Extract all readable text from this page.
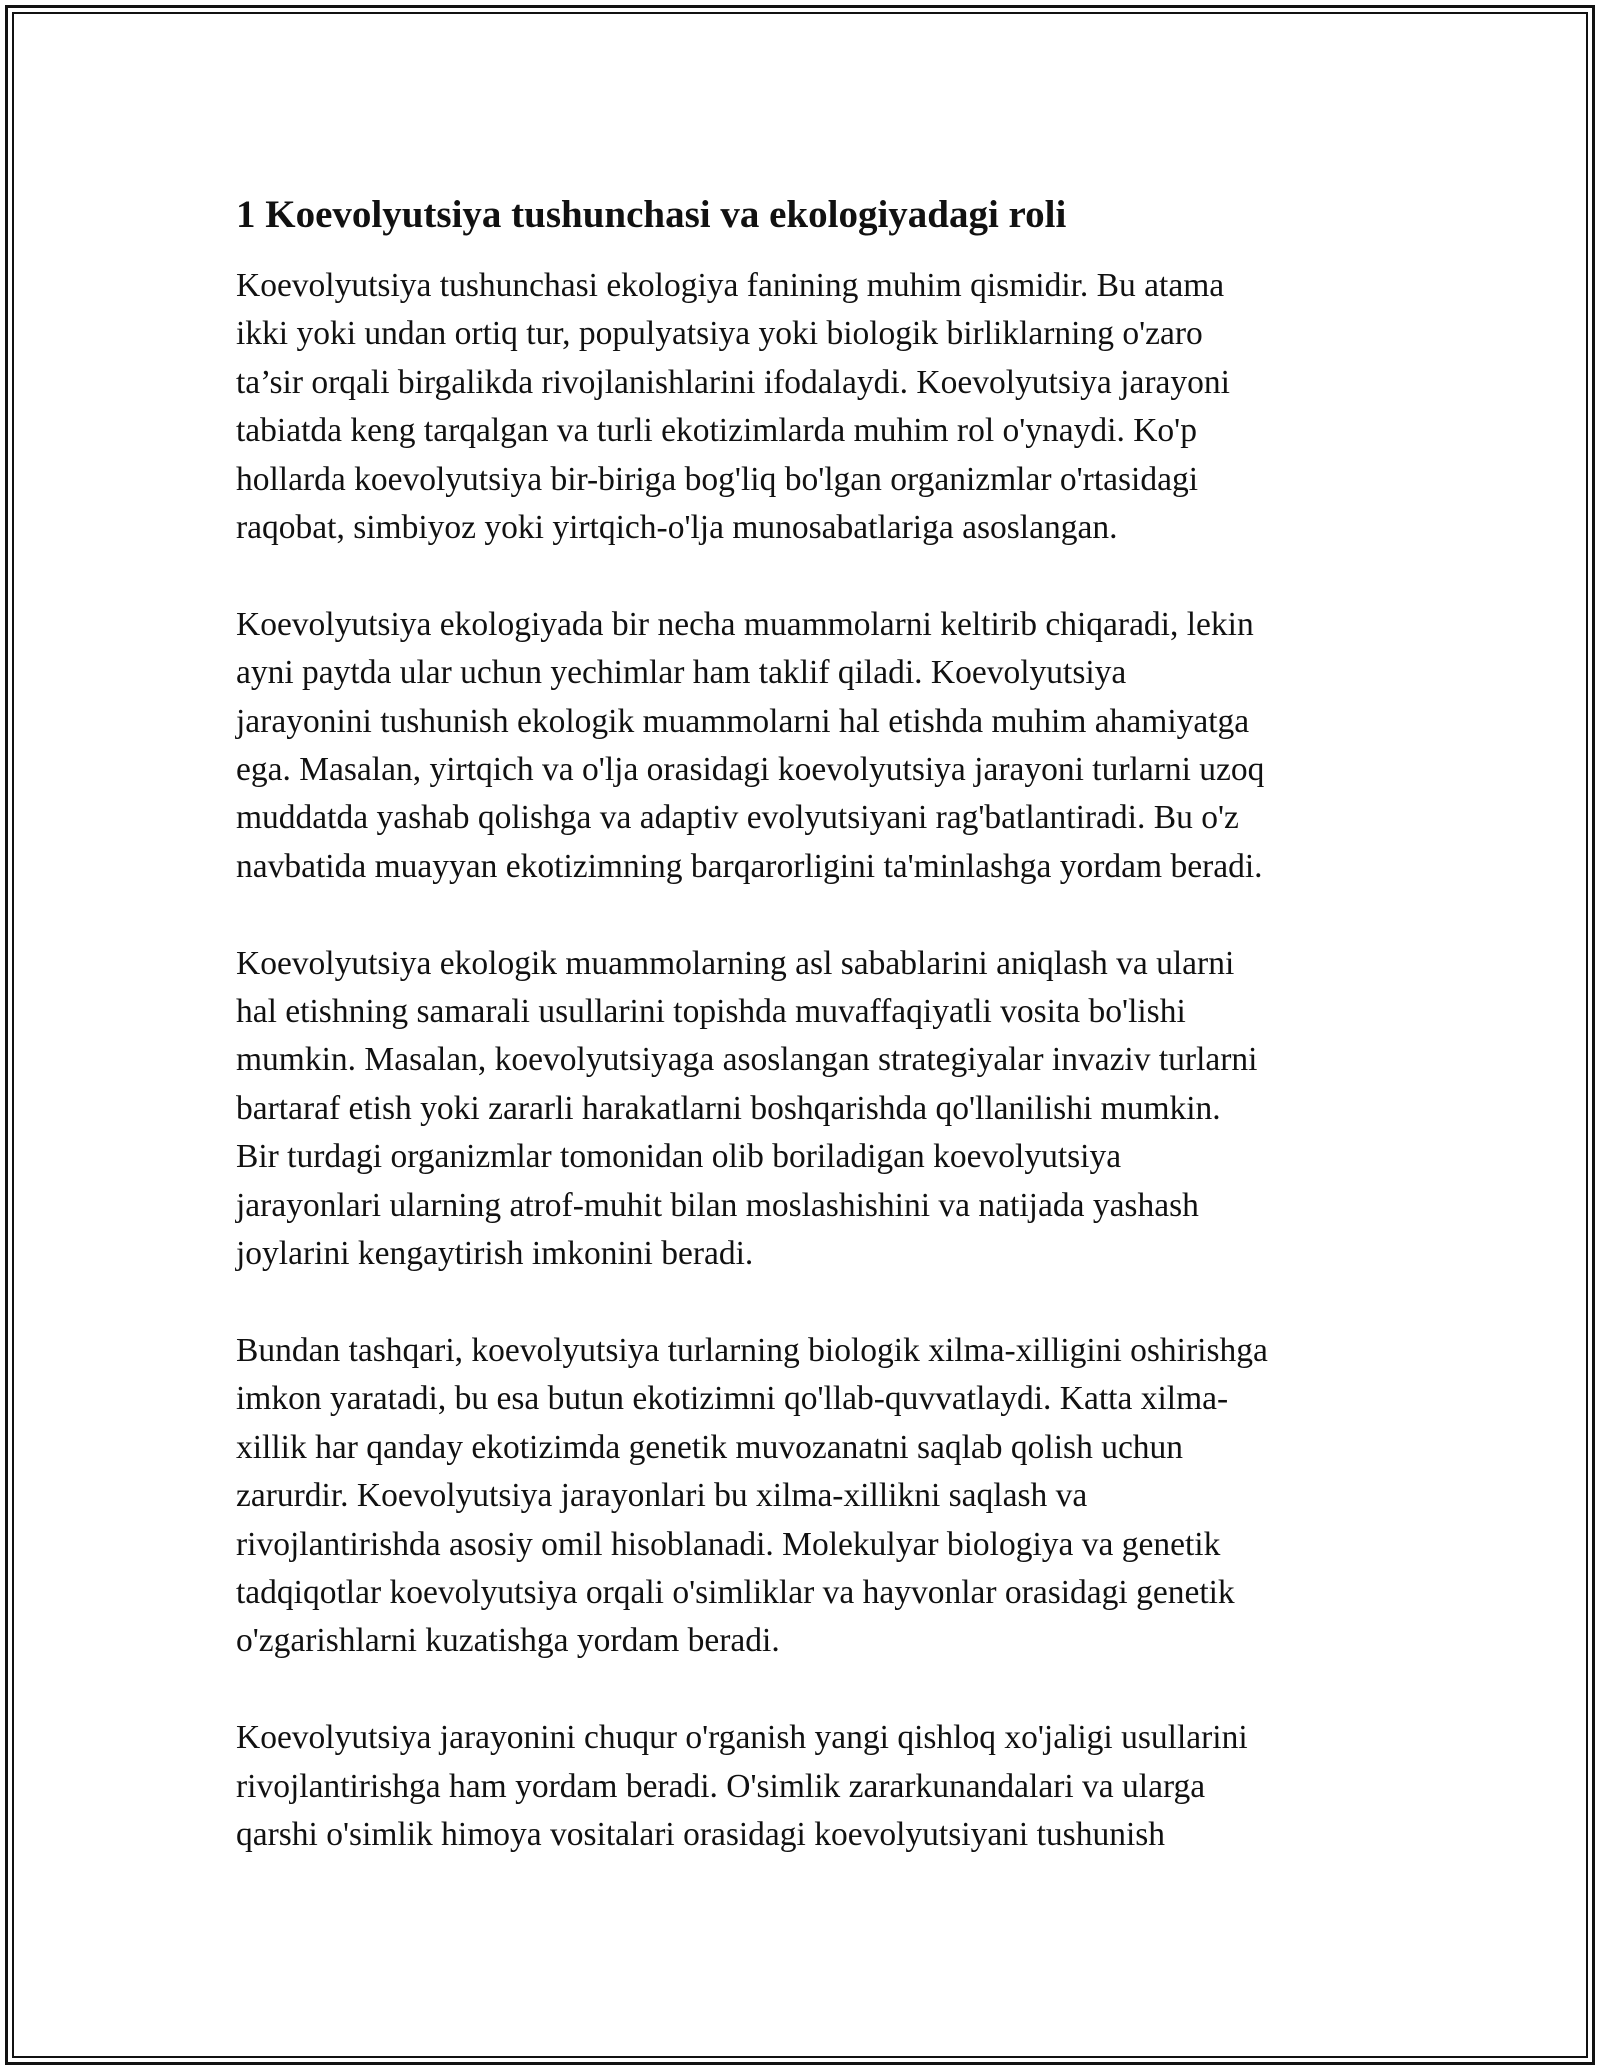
1 Koevolyutsiya tushunchasi va ekologiyadagi roli
Koevolyutsiya tushunchasi ekologiya fanining muhim qismidir. Bu atama
ikki yoki undan ortiq tur, populyatsiya yoki biologik birliklarning o'zaro
ta’sir orqali birgalikda rivojlanishlarini ifodalaydi. Koevolyutsiya jarayoni
tabiatda keng tarqalgan va turli ekotizimlarda muhim rol o'ynaydi. Ko'p
hollarda koevolyutsiya bir-biriga bog'liq bo'lgan organizmlar o'rtasidagi
raqobat, simbiyoz yoki yirtqich-o'lja munosabatlariga asoslangan.
Koevolyutsiya ekologiyada bir necha muammolarni keltirib chiqaradi, lekin
ayni paytda ular uchun yechimlar ham taklif qiladi. Koevolyutsiya
jarayonini tushunish ekologik muammolarni hal etishda muhim ahamiyatga
ega. Masalan, yirtqich va o'lja orasidagi koevolyutsiya jarayoni turlarni uzoq
muddatda yashab qolishga va adaptiv evolyutsiyani rag'batlantiradi. Bu o'z
navbatida muayyan ekotizimning barqarorligini ta'minlashga yordam beradi.
Koevolyutsiya ekologik muammolarning asl sabablarini aniqlash va ularni
hal etishning samarali usullarini topishda muvaffaqiyatli vosita bo'lishi
mumkin. Masalan, koevolyutsiyaga asoslangan strategiyalar invaziv turlarni
bartaraf etish yoki zararli harakatlarni boshqarishda qo'llanilishi mumkin.
Bir turdagi organizmlar tomonidan olib boriladigan koevolyutsiya
jarayonlari ularning atrof-muhit bilan moslashishini va natijada yashash
joylarini kengaytirish imkonini beradi.
Bundan tashqari, koevolyutsiya turlarning biologik xilma-xilligini oshirishga
imkon yaratadi, bu esa butun ekotizimni qo'llab-quvvatlaydi. Katta xilma-
xillik har qanday ekotizimda genetik muvozanatni saqlab qolish uchun
zarurdir. Koevolyutsiya jarayonlari bu xilma-xillikni saqlash va
rivojlantirishda asosiy omil hisoblanadi. Molekulyar biologiya va genetik
tadqiqotlar koevolyutsiya orqali o'simliklar va hayvonlar orasidagi genetik
o'zgarishlarni kuzatishga yordam beradi.
Koevolyutsiya jarayonini chuqur o'rganish yangi qishloq xo'jaligi usullarini
rivojlantirishga ham yordam beradi. O'simlik zararkunandalari va ularga
qarshi o'simlik himoya vositalari orasidagi koevolyutsiyani tushunish
